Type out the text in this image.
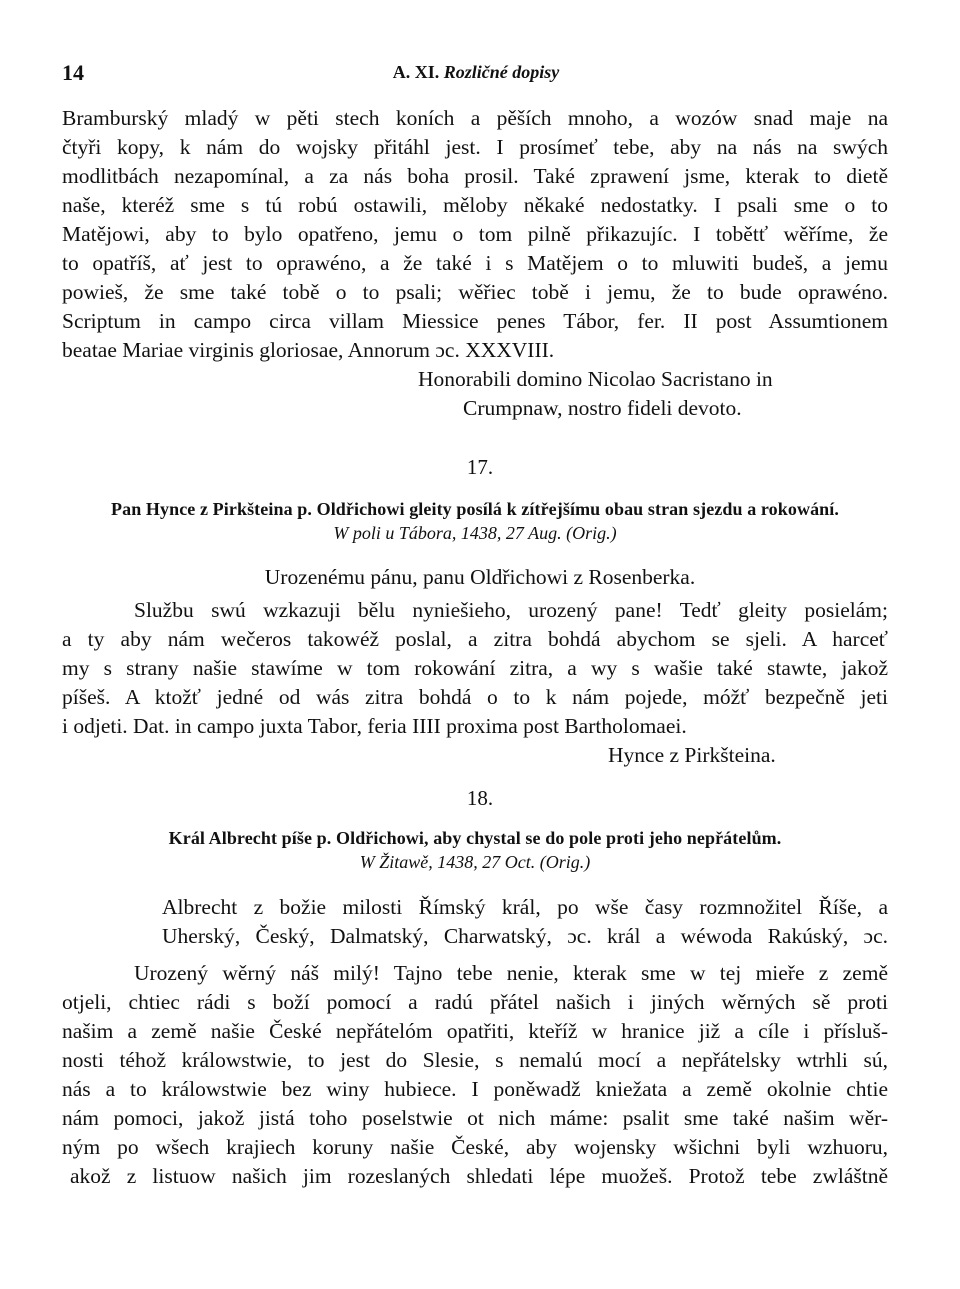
14	A. XI. Rozličné dopisy
Bramburský mladý w pěti stech koních a pěších mnoho, a wozów snad maje na
čtyři kopy, k nám do wojsky přitáhl jest. I prosímeť tebe, aby na nás na swých
modlitbách nezapomínal, a za nás boha prosil. Také zprawení jsme, kterak to dietě
naše, kteréž sme s tú robú ostawili, měloby někaké nedostatky. I psali sme o to
Matějowi, aby to bylo opatřeno, jemu o tom pilně přikazujíc. I tobětť wěříme, že
to opatříš, ať jest to oprawéno, a že také i s Matějem o to mluwiti budeš, a jemu
powieš, že sme také tobě o to psali; wěřiec tobě i jemu, že to bude oprawéno.
Scriptum in campo circa villam Miessice penes Tábor, fer. II post Assumtionem
beatae Mariae virginis gloriosae, Annorum ɔc. XXXVIII.
Honorabili domino Nicolao Sacristano in
Crumpnaw, nostro fideli devoto.
17.
Pan Hynce z Pirkšteina p. Oldřichowi gleity posílá k zítřejšímu obau stran sjezdu a rokowání.
W poli u Tábora, 1438, 27 Aug. (Orig.)
Urozenému pánu, panu Oldřichowi z Rosenberka.
Službu swú wzkazuji bělu nyniešieho, urozený pane! Tedť gleity posielám;
a ty aby nám wečeros takowéž poslal, a zitra bohdá abychom se sjeli. A harceť
my s strany našie stawíme w tom rokowání zitra, a wy s wašie také stawte, jakož
píšeš. A ktožť jedné od wás zitra bohdá o to k nám pojede, móžť bezpečně jeti
i odjeti. Dat. in campo juxta Tabor, feria IIII proxima post Bartholomaei.
Hynce z Pirkšteina.
18.
Král Albrecht píše p. Oldřichowi, aby chystal se do pole proti jeho nepřátelům.
W Žitawě, 1438, 27 Oct. (Orig.)
Albrecht z božie milosti Římský král, po wše časy rozmnožitel Říše, a
Uherský, Český, Dalmatský, Charwatský, ɔc. král a wéwoda Rakúský, ɔc.
Urozený wěrný náš milý! Tajno tebe nenie, kterak sme w tej mieře z země
otjeli, chtiec rádi s boží pomocí a radú přátel našich i jiných wěrných sě proti
našim a země našie České nepřátelóm opatřiti, kteříž w hranice již a cíle i přísluš-
nosti téhož králowstwie, to jest do Slesie, s nemalú mocí a nepřátelsky wtrhli sú,
nás a to králowstwie bez winy hubiece. I poněwadž kniežata a země okolnie chtie
nám pomoci, jakož jistá toho poselstwie ot nich máme: psalit sme také našim wěr-
ným po wšech krajiech koruny našie České, aby wojensky wšichni byli wzhuoru,
akož z listuow našich jim rozeslaných shledati lépe muožeš. Protož tebe zwláštně
